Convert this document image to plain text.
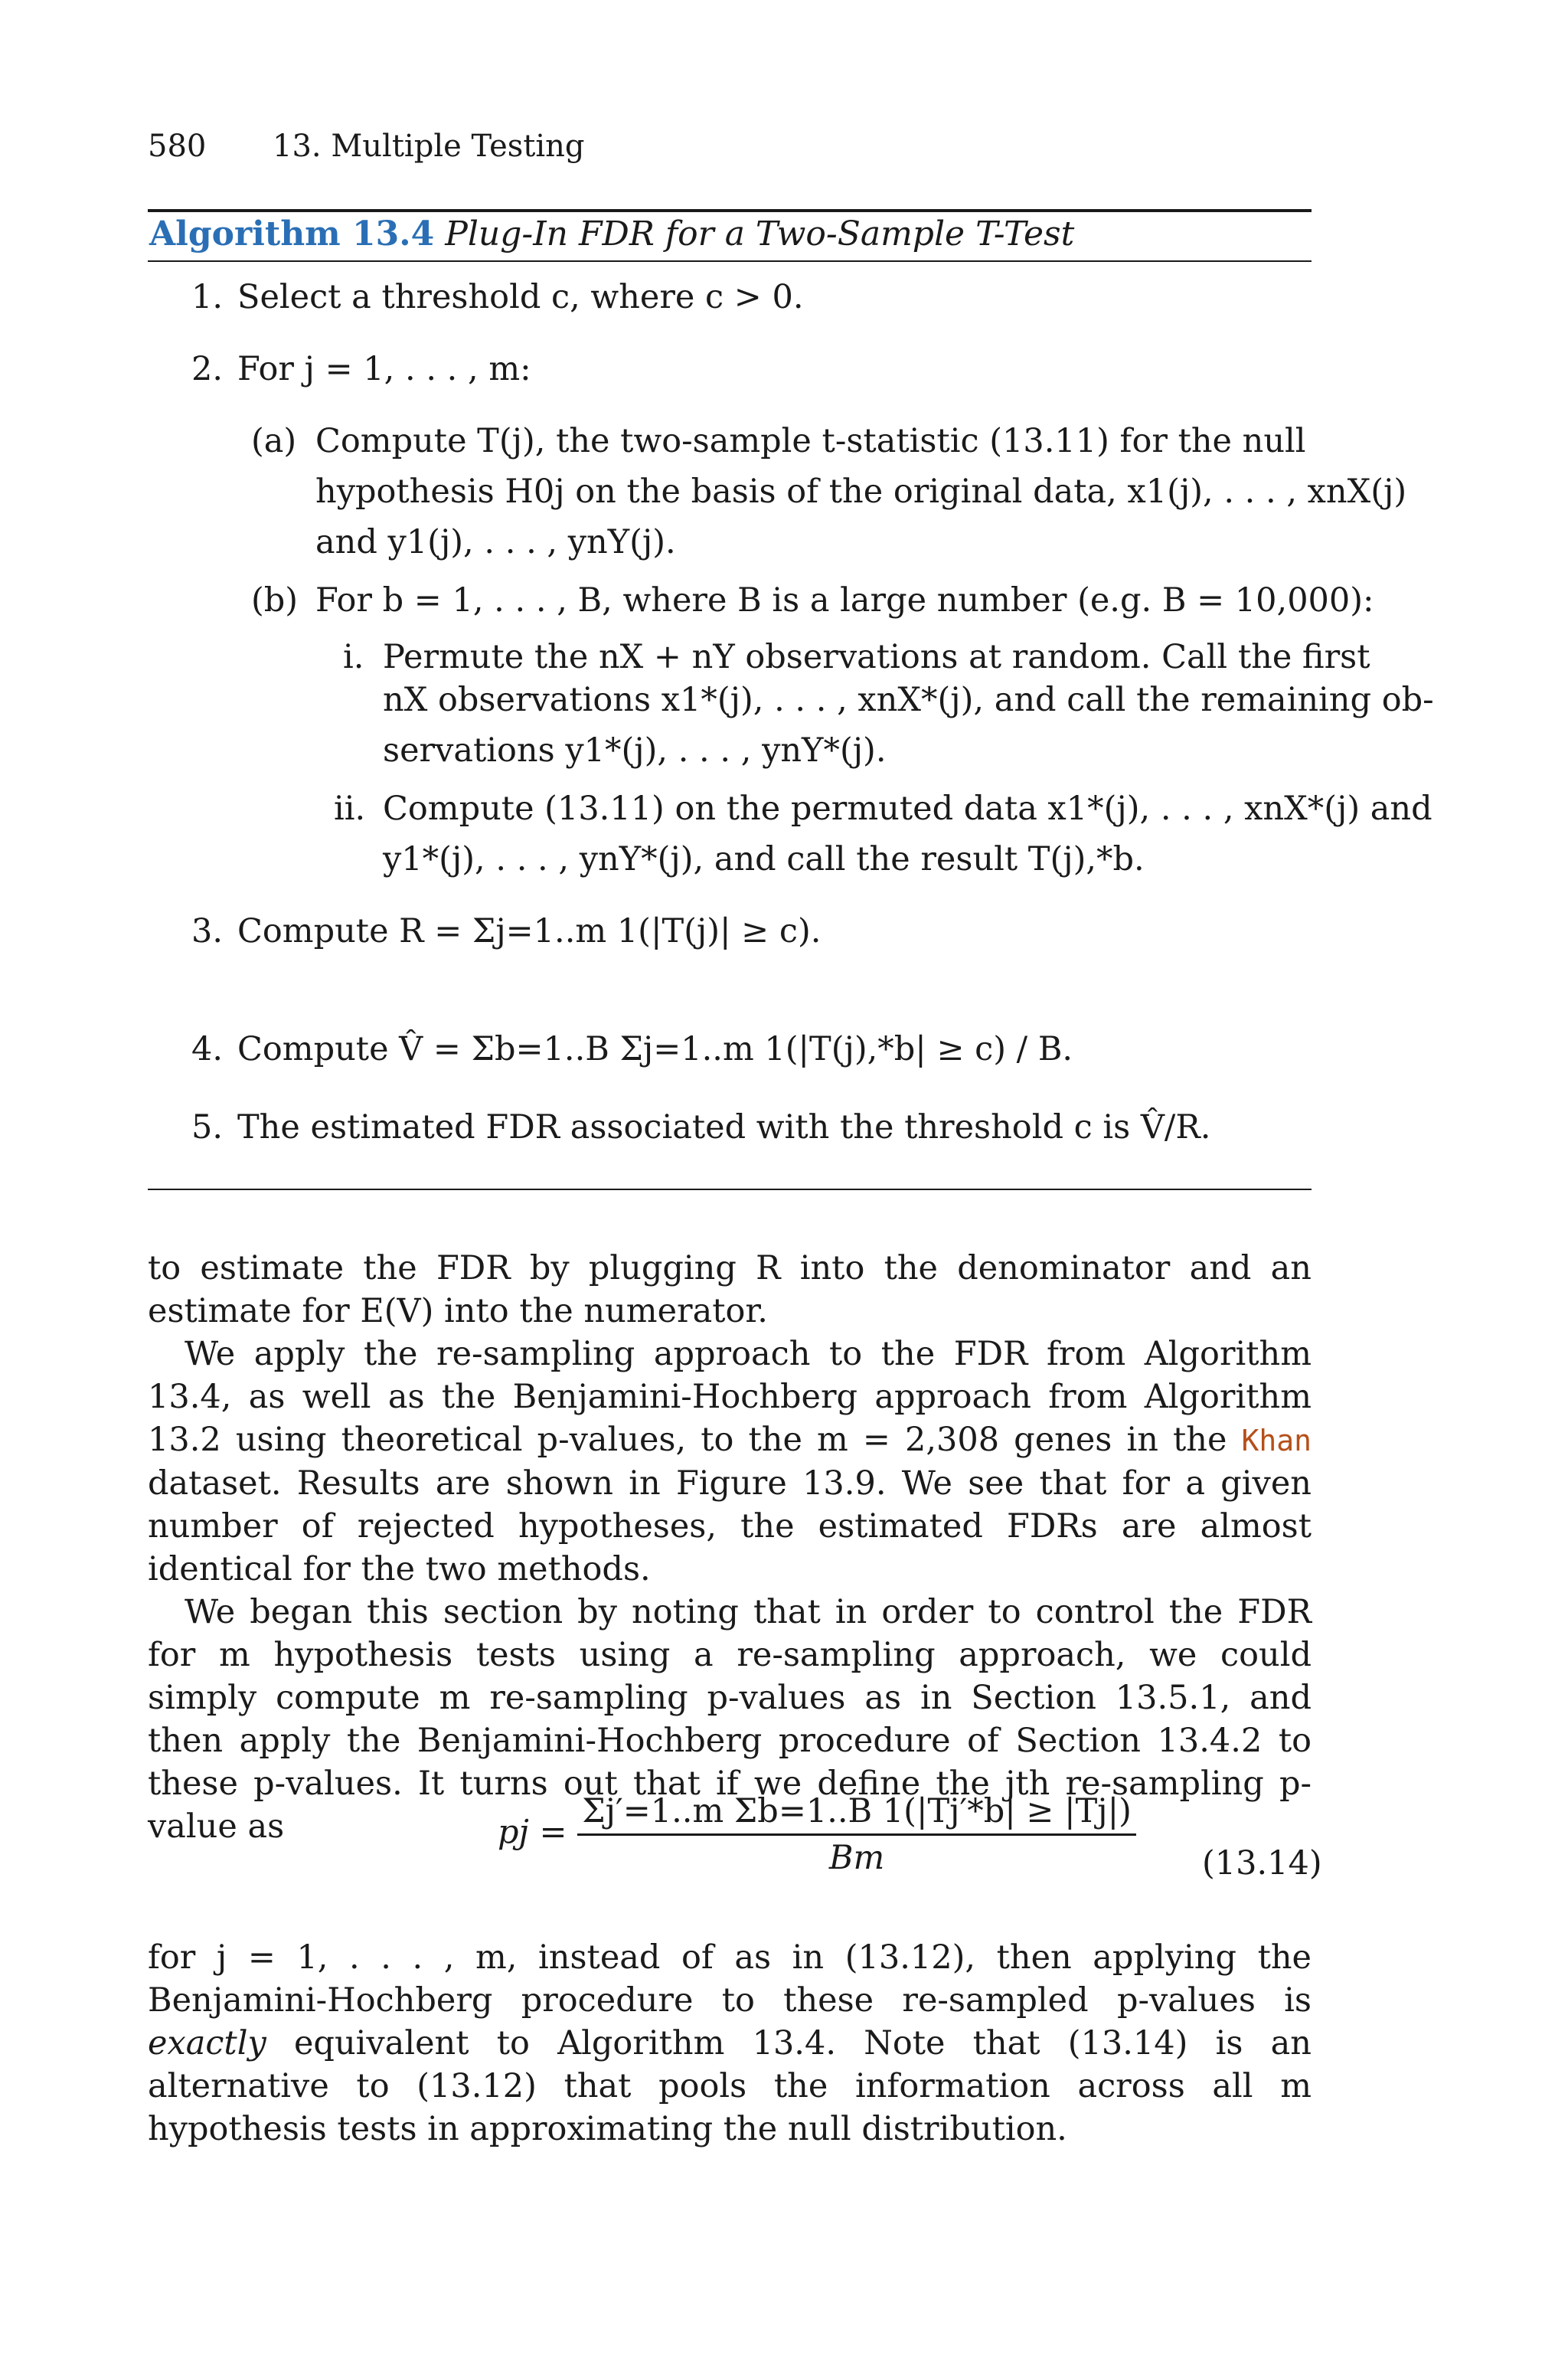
580 13. Multiple Testing
Algorithm 13.4 Plug-In FDR for a Two-Sample T-Test
1. Select a threshold c, where c > 0.
2. For j = 1, . . . , m:
(a) Compute T(j), the two-sample t-statistic (13.11) for the null
hypothesis H0j on the basis of the original data, x1(j), . . . , xnX(j)
and y1(j), . . . , ynY(j).
(b) For b = 1, . . . , B, where B is a large number (e.g. B = 10,000):
i. Permute the nX + nY observations at random. Call the first
nX observations x1*(j), . . . , xnX*(j), and call the remaining ob-
servations y1*(j), . . . , ynY*(j).
ii. Compute (13.11) on the permuted data x1*(j), . . . , xnX*(j) and
y1*(j), . . . , ynY*(j), and call the result T(j),*b.
3. Compute R = Σj=1..m 1(|T(j)| ≥ c).
4. Compute V̂ = Σb=1..B Σj=1..m 1(|T(j),*b| ≥ c) / B.
5. The estimated FDR associated with the threshold c is V̂/R.

to estimate the FDR by plugging R into the denominator and an estimate for E(V) into the numerator.

We apply the re-sampling approach to the FDR from Algorithm 13.4, as well as the Benjamini-Hochberg approach from Algorithm 13.2 using theoretical p-values, to the m = 2,308 genes in the Khan dataset. Results are shown in Figure 13.9. We see that for a given number of rejected hypotheses, the estimated FDRs are almost identical for the two methods.

We began this section by noting that in order to control the FDR for m hypothesis tests using a re-sampling approach, we could simply compute m re-sampling p-values as in Section 13.5.1, and then apply the Benjamini-Hochberg procedure of Section 13.4.2 to these p-values. It turns out that if we define the jth re-sampling p-value as	pj = $\frac{\text{Σj′=1..m Σb=1..B 1(|Tj′*b| ≥ |Tj|)}}{Bm} (13.14)$

for j = 1, . . . , m, instead of as in (13.12), then applying the Benjamini-Hochberg procedure to these re-sampled p-values is exactly equivalent to Algorithm 13.4. Note that (13.14) is an alternative to (13.12) that pools the information across all m hypothesis tests in approximating the null distribution.
